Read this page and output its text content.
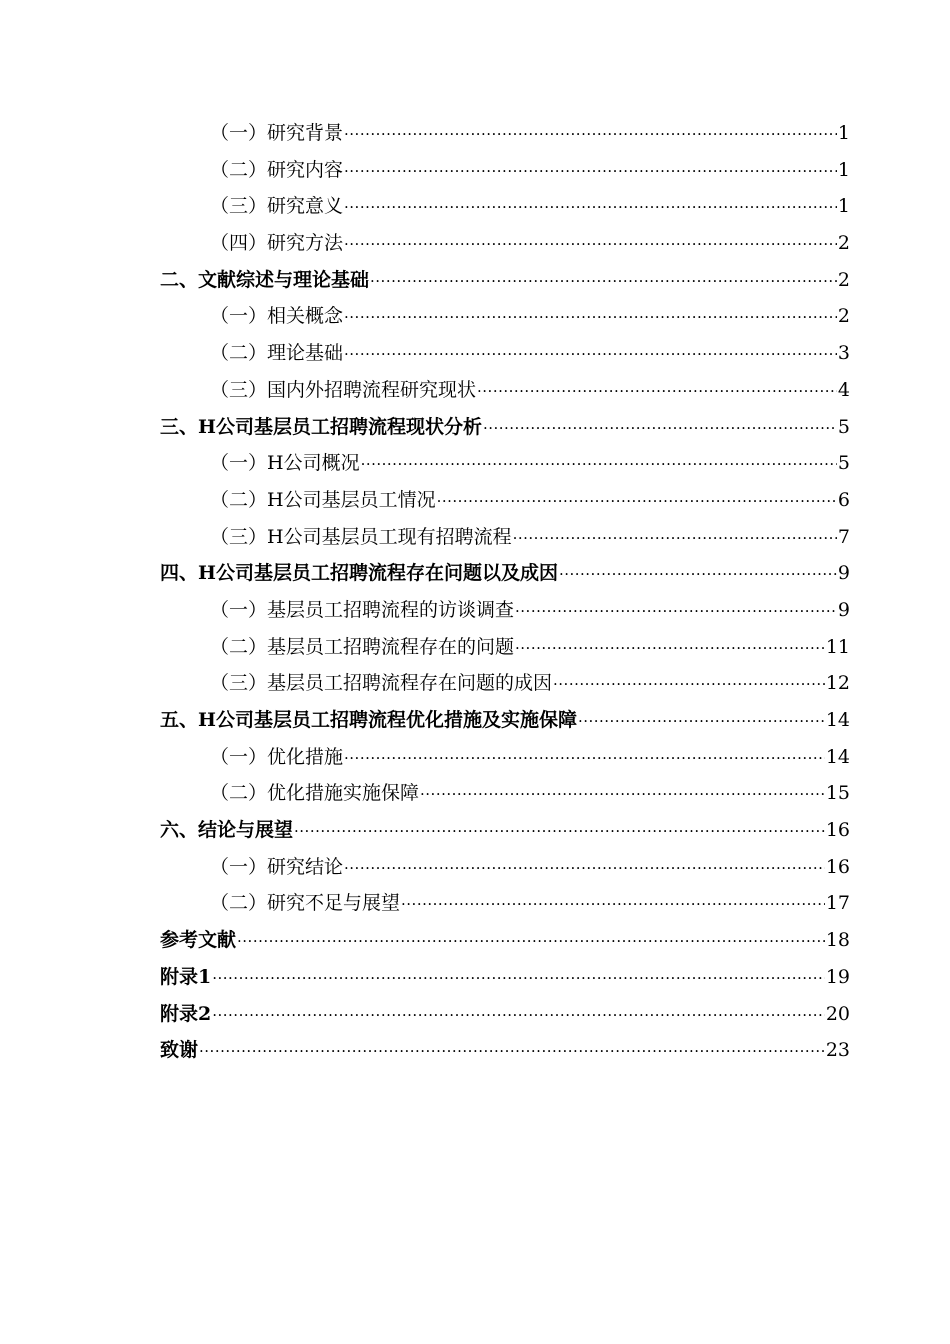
（一）研究背景 .....	1
（二）研究内容 .....	1
（三）研究意义 .....	1
（四）研究方法 .....	2
二、文献综述与理论基础 .....	2
（一）相关概念 .....	2
（二）理论基础 .....	3
（三）国内外招聘流程研究现状 .....	4
三、H公司基层员工招聘流程现状分析 .....	5
（一）H公司概况 .....	5
（二）H公司基层员工情况 .....	6
（三）H公司基层员工现有招聘流程 .....	7
四、H公司基层员工招聘流程存在问题以及成因 .....	9
（一）基层员工招聘流程的访谈调查 .....	9
（二）基层员工招聘流程存在的问题 .....	11
（三）基层员工招聘流程存在问题的成因 .....	12
五、H公司基层员工招聘流程优化措施及实施保障 .....	14
（一）优化措施 .....	14
（二）优化措施实施保障 .....	15
六、结论与展望 .....	16
（一）研究结论 .....	16
（二）研究不足与展望 .....	17
参考文献 .....	18
附录1 .....	19
附录2 .....	20
致谢 .....	23
